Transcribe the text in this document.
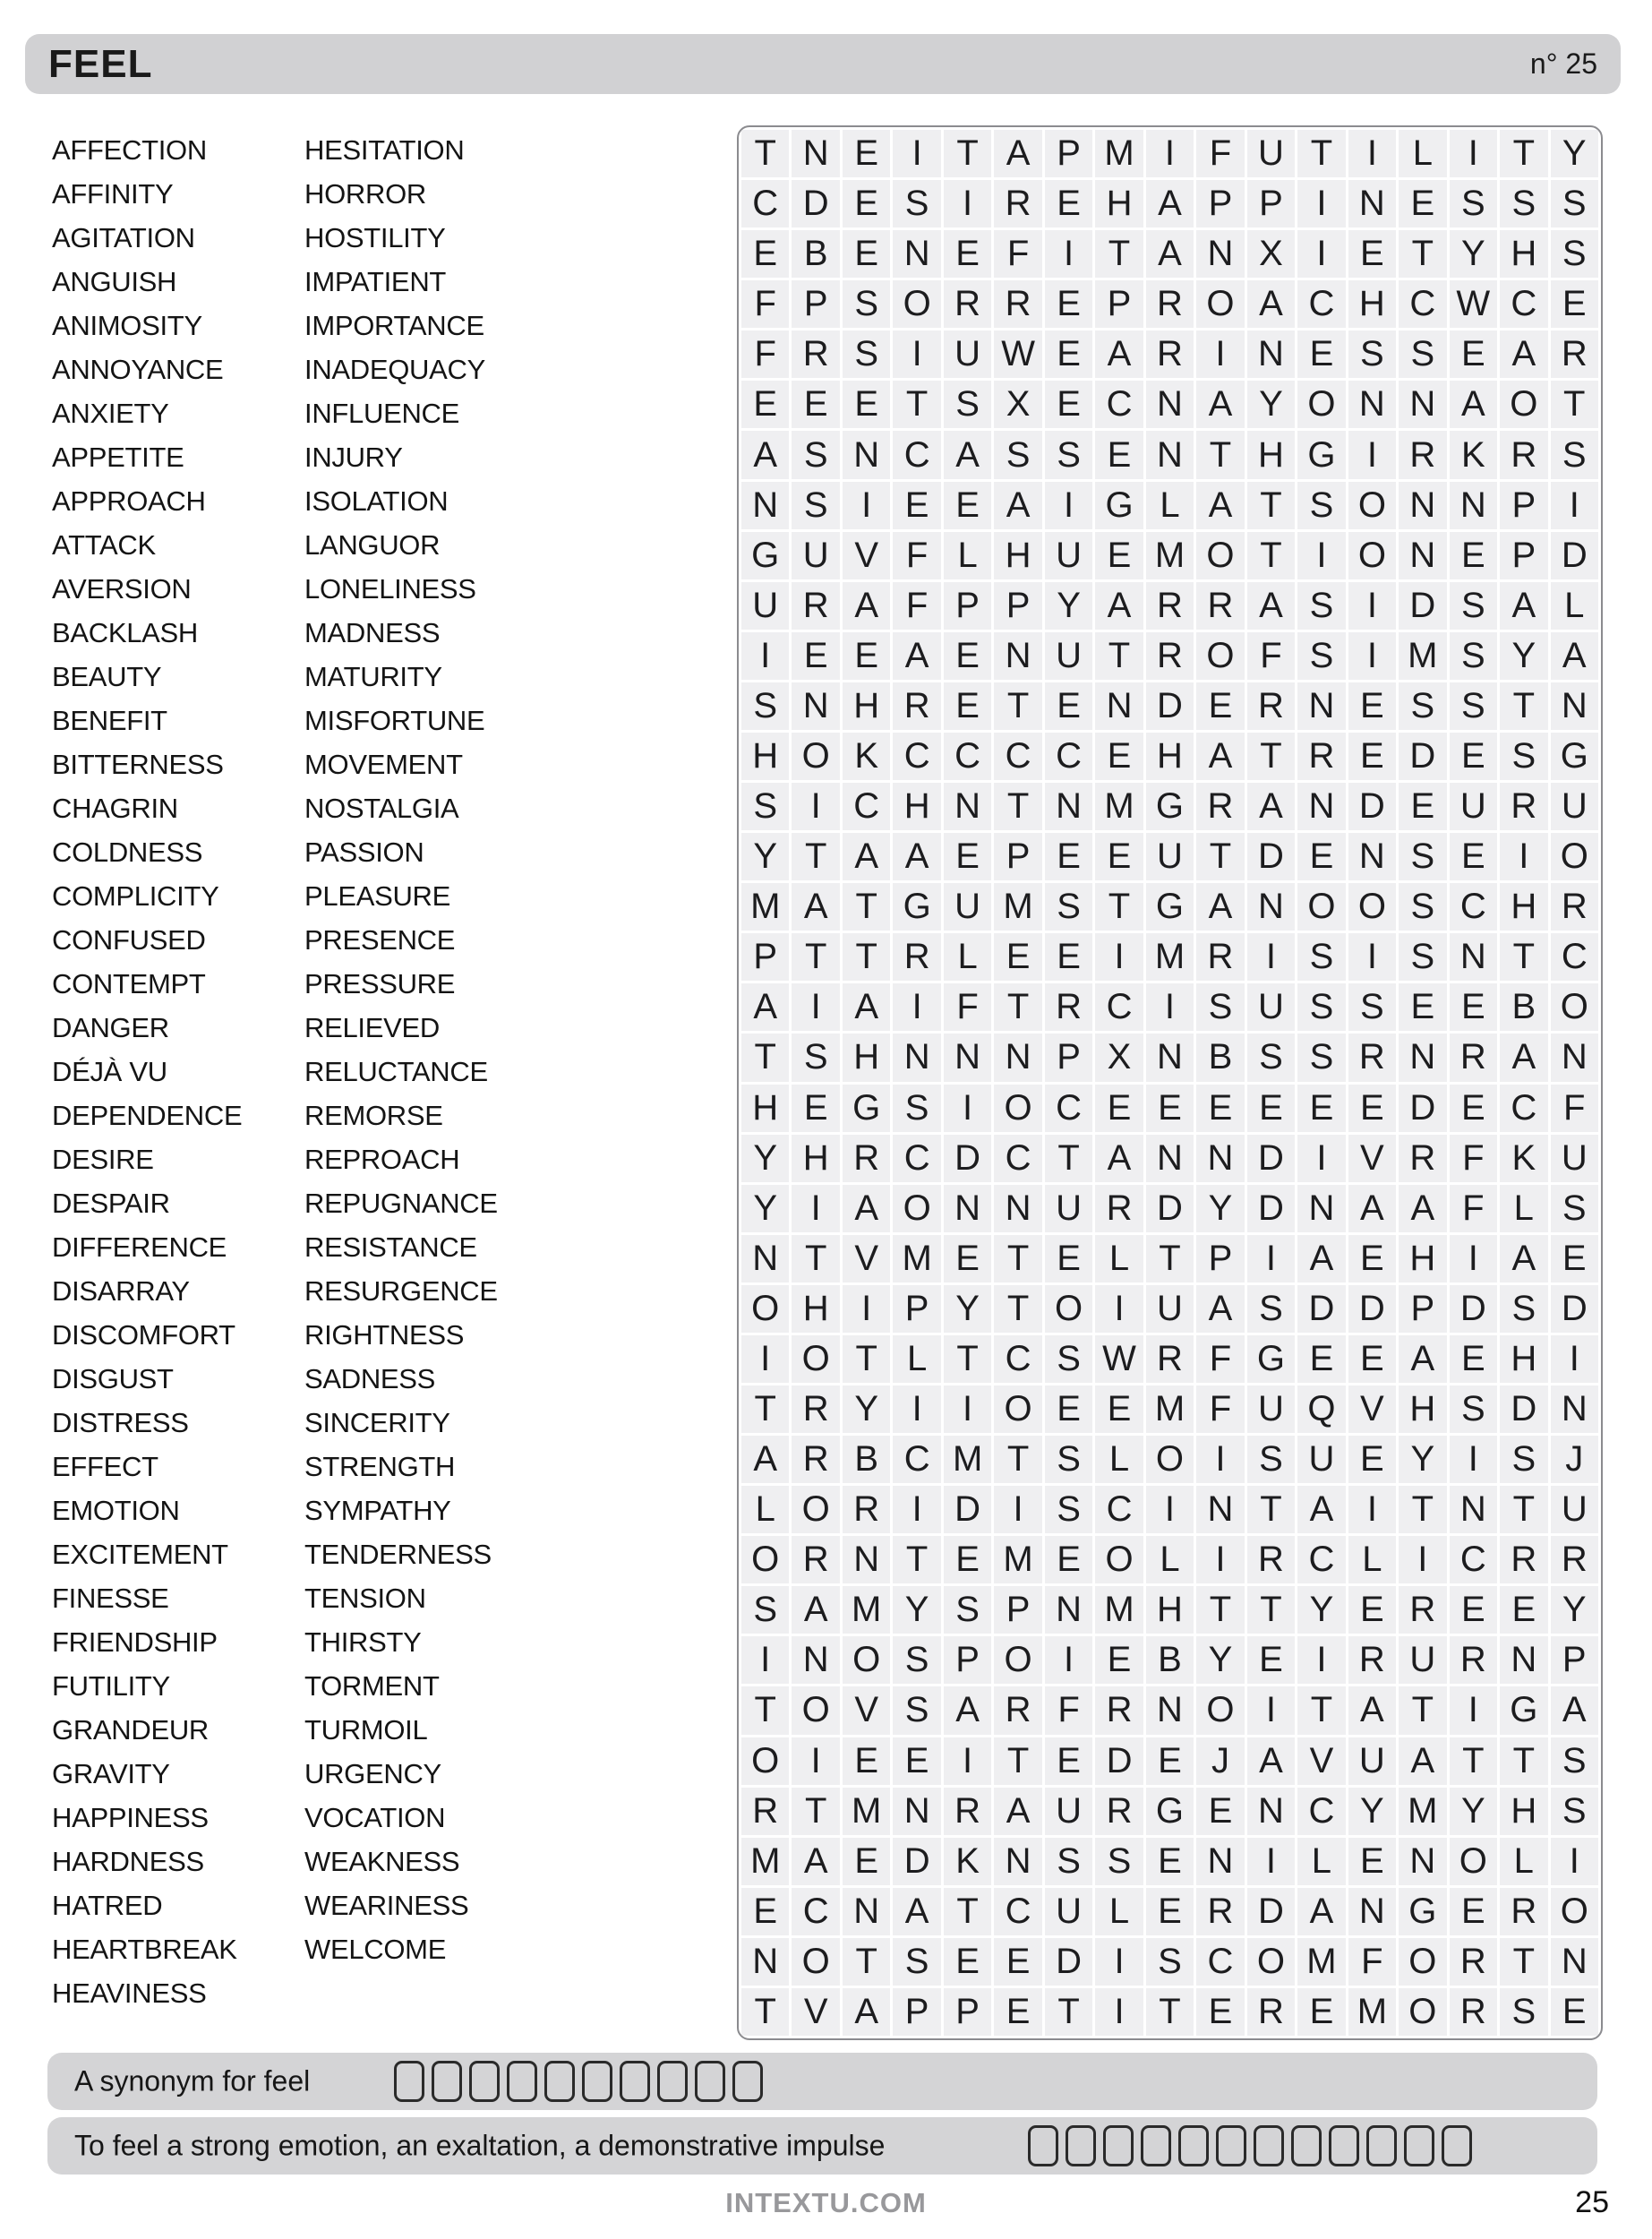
FEEL	n° 25
AFFECTION
AFFINITY
AGITATION
ANGUISH
ANIMOSITY
ANNOYANCE
ANXIETY
APPETITE
APPROACH
ATTACK
AVERSION
BACKLASH
BEAUTY
BENEFIT
BITTERNESS
CHAGRIN
COLDNESS
COMPLICITY
CONFUSED
CONTEMPT
DANGER
DÉJÀ VU
DEPENDENCE
DESIRE
DESPAIR
DIFFERENCE
DISARRAY
DISCOMFORT
DISGUST
DISTRESS
EFFECT
EMOTION
EXCITEMENT
FINESSE
FRIENDSHIP
FUTILITY
GRANDEUR
GRAVITY
HAPPINESS
HARDNESS
HATRED
HEARTBREAK
HEAVINESS
HESITATION
HORROR
HOSTILITY
IMPATIENT
IMPORTANCE
INADEQUACY
INFLUENCE
INJURY
ISOLATION
LANGUOR
LONELINESS
MADNESS
MATURITY
MISFORTUNE
MOVEMENT
NOSTALGIA
PASSION
PLEASURE
PRESENCE
PRESSURE
RELIEVED
RELUCTANCE
REMORSE
REPROACH
REPUGNANCE
RESISTANCE
RESURGENCE
RIGHTNESS
SADNESS
SINCERITY
STRENGTH
SYMPATHY
TENDERNESS
TENSION
THIRSTY
TORMENT
TURMOIL
URGENCY
VOCATION
WEAKNESS
WEARINESS
WELCOME
T N E I T A P M I F U T I L I T Y
C D E S I R E H A P P I N E S S S
E B E N E F I T A N X I E T Y H S
F P S O R R E P R O A C H C W C E
F R S I U W E A R I N E S S E A R
E E E T S X E C N A Y O N N A O T
A S N C A S S E N T H G I R K R S
N S I E E A I G L A T S O N N P I
G U V F L H U E M O T I O N E P D
U R A F P P Y A R R A S I D S A L
I E E A E N U T R O F S I M S Y A
S N H R E T E N D E R N E S S T N
H O K C C C C E H A T R E D E S G
S I C H N T N M G R A N D E U R U
Y T A A E P E E U T D E N S E I O
M A T G U M S T G A N O O S C H R
P T T R L E E I M R I S I S N T C
A I A I F T R C I S U S S E E B O
T S H N N N P X N B S S R N R A N
H E G S I O C E E E E E E D E C F
Y H R C D C T A N N D I V R F K U
Y I A O N N U R D Y D N A A F L S
N T V M E T E L T P I A E H I A E
O H I P Y T O I U A S D D P D S D
I O T L T C S W R F G E E A E H I
T R Y I	I O E E M F U Q V H S D N
A R B C M T S L O I S U E Y I S J
L O R I D I S C I N T A I T N T U
O R N T E M E O L I R C L I C R R
S A M Y S P N M H T T Y E R E E Y
I N O S P O I E B Y E I R U R N P
T O V S A R F R N O I T A T I G A
O I E E I T E D E J A V U A T T S
R T M N R A U R G E N C Y M Y H S
M A E D K N S S E N I L E N O L I
E C N A T C U L E R D A N G E R O
N O T S E E D I S C O M F O R T N
T V A P P E T I T E R E M O R S E
A synonym for feel
To feel a strong emotion, an exaltation, a demonstrative impulse
INTEXTU.COM	25
